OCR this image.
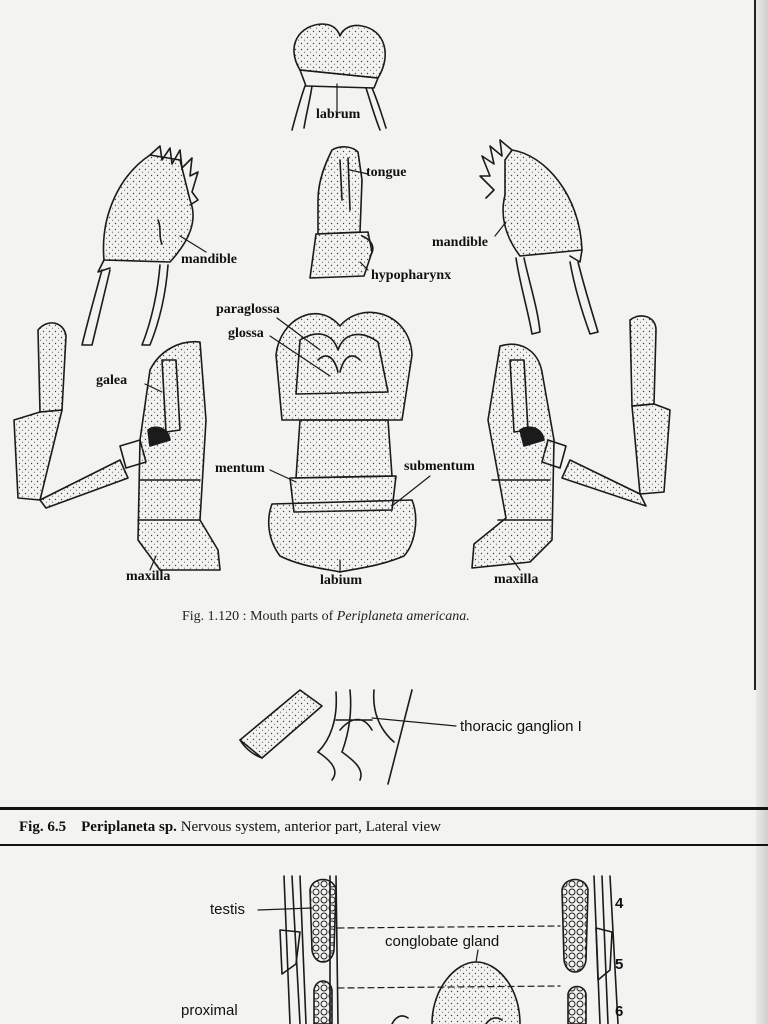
labrum
tongue
mandible
mandible
hypopharynx
paraglossa
glossa
galea
mentum	submentum
maxilla	labium	maxilla
Fig. 1.120 : Mouth parts of Periplaneta americana.
thoracic ganglion I
Fig. 6.5 Periplaneta sp. Nervous system, anterior part, Lateral view
testis
conglobate gland
proximal
4
5
6
